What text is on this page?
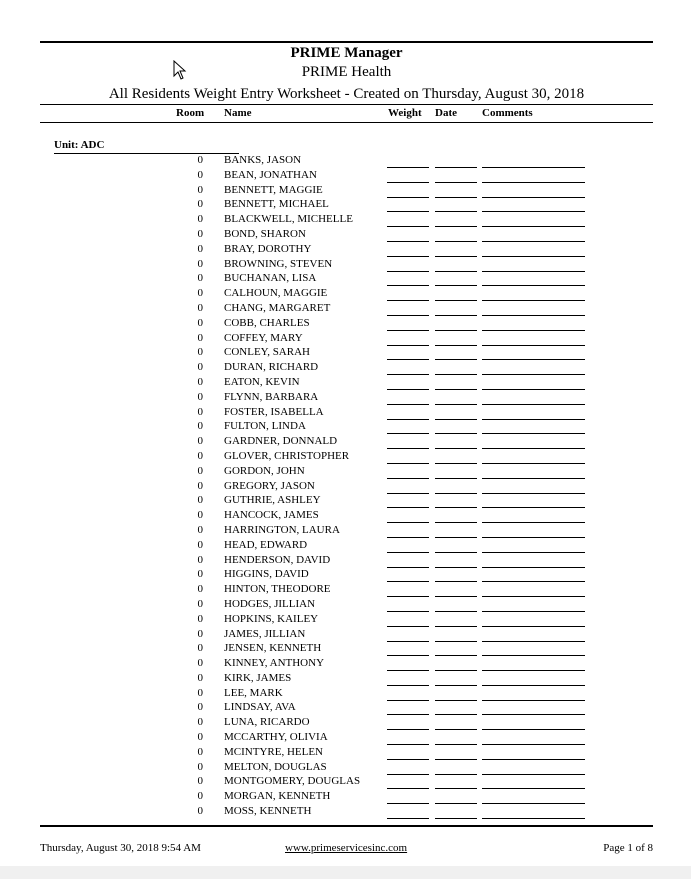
PRIME Manager
PRIME Health
All Residents Weight Entry Worksheet - Created on Thursday, August 30, 2018
Room Name	Weight Date Comments
Unit: ADC
0 BANKS, JASON
0 BEAN, JONATHAN
0 BENNETT, MAGGIE
0 BENNETT, MICHAEL
0 BLACKWELL, MICHELLE
0 BOND, SHARON
0 BRAY, DOROTHY
0 BROWNING, STEVEN
0 BUCHANAN, LISA
0 CALHOUN, MAGGIE
0 CHANG, MARGARET
0 COBB, CHARLES
0 COFFEY, MARY
0 CONLEY, SARAH
0 DURAN, RICHARD
0 EATON, KEVIN
0 FLYNN, BARBARA
0 FOSTER, ISABELLA
0 FULTON, LINDA
0 GARDNER, DONNALD
0 GLOVER, CHRISTOPHER
0 GORDON, JOHN
0 GREGORY, JASON
0 GUTHRIE, ASHLEY
0 HANCOCK, JAMES
0 HARRINGTON, LAURA
0 HEAD, EDWARD
0 HENDERSON, DAVID
0 HIGGINS, DAVID
0 HINTON, THEODORE
0 HODGES, JILLIAN
0 HOPKINS, KAILEY
0 JAMES, JILLIAN
0 JENSEN, KENNETH
0 KINNEY, ANTHONY
0 KIRK, JAMES
0 LEE, MARK
0 LINDSAY, AVA
0 LUNA, RICARDO
0 MCCARTHY, OLIVIA
0 MCINTYRE, HELEN
0 MELTON, DOUGLAS
0 MONTGOMERY, DOUGLAS
0 MORGAN, KENNETH
0 MOSS, KENNETH
Thursday, August 30, 2018 9:54 AM	www.primeservicesinc.com	Page 1 of 8
